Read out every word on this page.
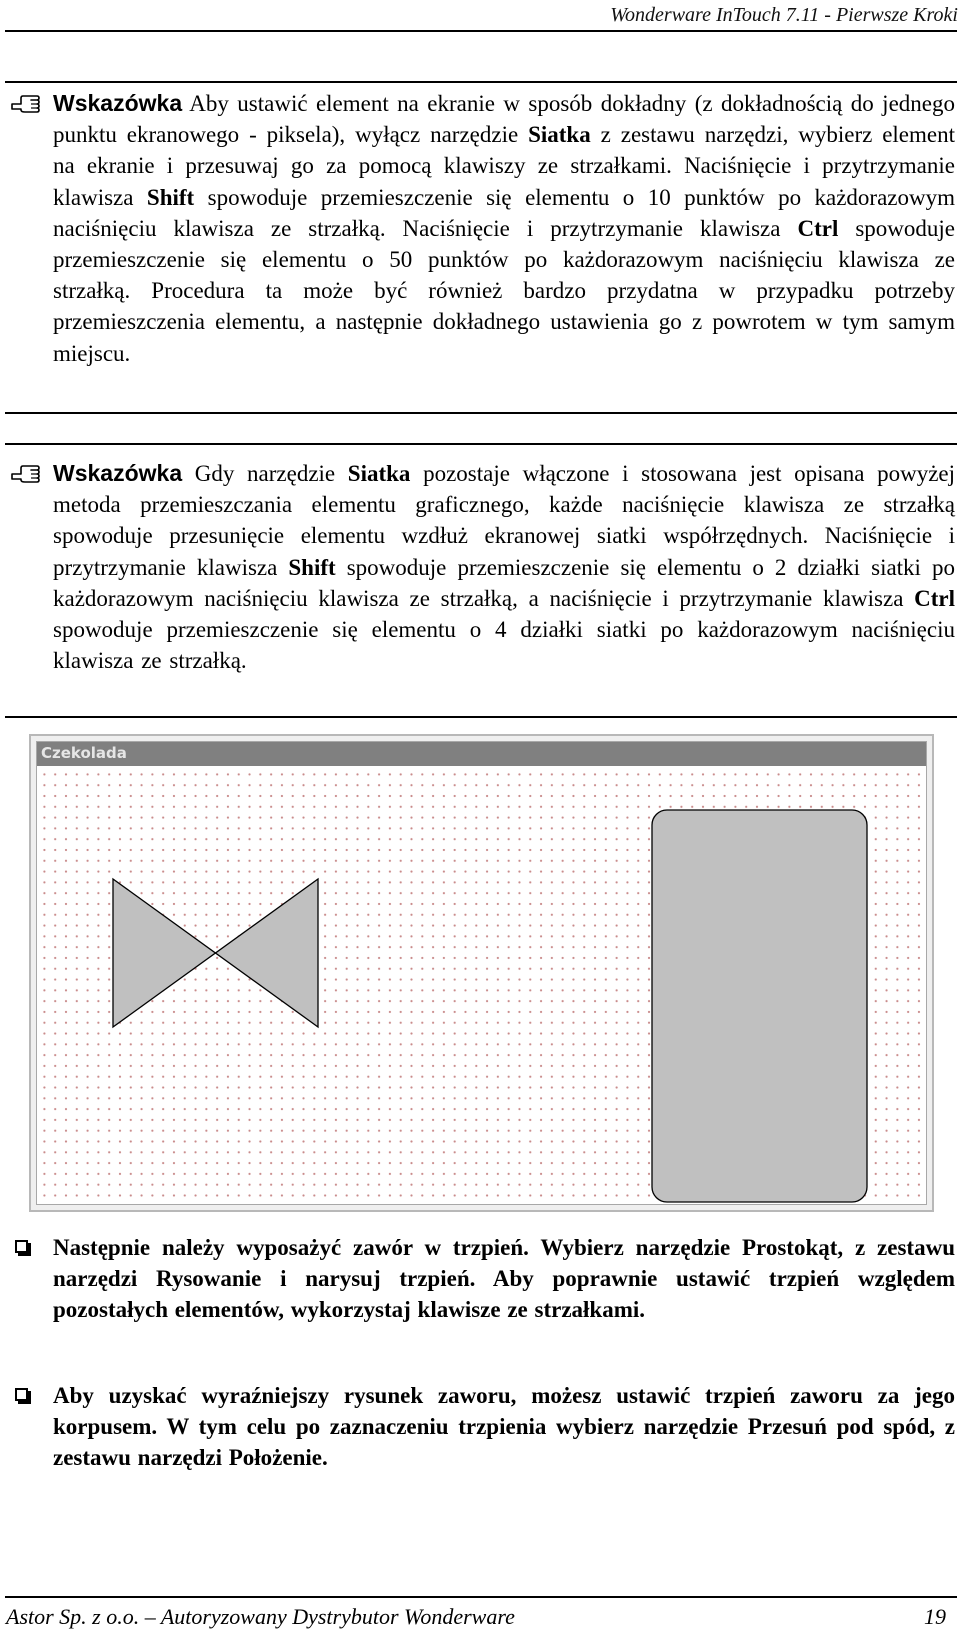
Wonderware InTouch 7.11 - Pierwsze Kroki
Wskazówka Aby ustawić element na ekranie w sposób dokładny (z dokładnością do jednego punktu ekranowego - piksela), wyłącz narzędzie Siatka z zestawu narzędzi, wybierz element na ekranie i przesuwaj go za pomocą klawiszy ze strzałkami. Naciśnięcie i przytrzymanie klawisza Shift spowoduje przemieszczenie się elementu o 10 punktów po każdorazowym naciśnięciu klawisza ze strzałką. Naciśnięcie i przytrzymanie klawisza Ctrl spowoduje przemieszczenie się elementu o 50 punktów po każdorazowym naciśnięciu klawisza ze strzałką. Procedura ta może być również bardzo przydatna w przypadku potrzeby przemieszczenia elementu, a następnie dokładnego ustawienia go z powrotem w tym samym miejscu.
Wskazówka Gdy narzędzie Siatka pozostaje włączone i stosowana jest opisana powyżej metoda przemieszczania elementu graficznego, każde naciśnięcie klawisza ze strzałką spowoduje przesunięcie elementu wzdłuż ekranowej siatki współrzędnych. Naciśnięcie i przytrzymanie klawisza Shift spowoduje przemieszczenie się elementu o 2 działki siatki po każdorazowym naciśnięciu klawisza ze strzałką, a naciśnięcie i przytrzymanie klawisza Ctrl spowoduje przemieszczenie się elementu o 4 działki siatki po każdorazowym naciśnięciu klawisza ze strzałką.
Czekolada
Następnie należy wyposażyć zawór w trzpień. Wybierz narzędzie Prostokąt, z zestawu narzędzi Rysowanie i narysuj trzpień. Aby poprawnie ustawić trzpień względem pozostałych elementów, wykorzystaj klawisze ze strzałkami.
Aby uzyskać wyraźniejszy rysunek zaworu, możesz ustawić trzpień zaworu za jego korpusem. W tym celu po zaznaczeniu trzpienia wybierz narzędzie Przesuń pod spód, z zestawu narzędzi Położenie.
Astor Sp. z o.o. – Autoryzowany Dystrybutor Wonderware	19
